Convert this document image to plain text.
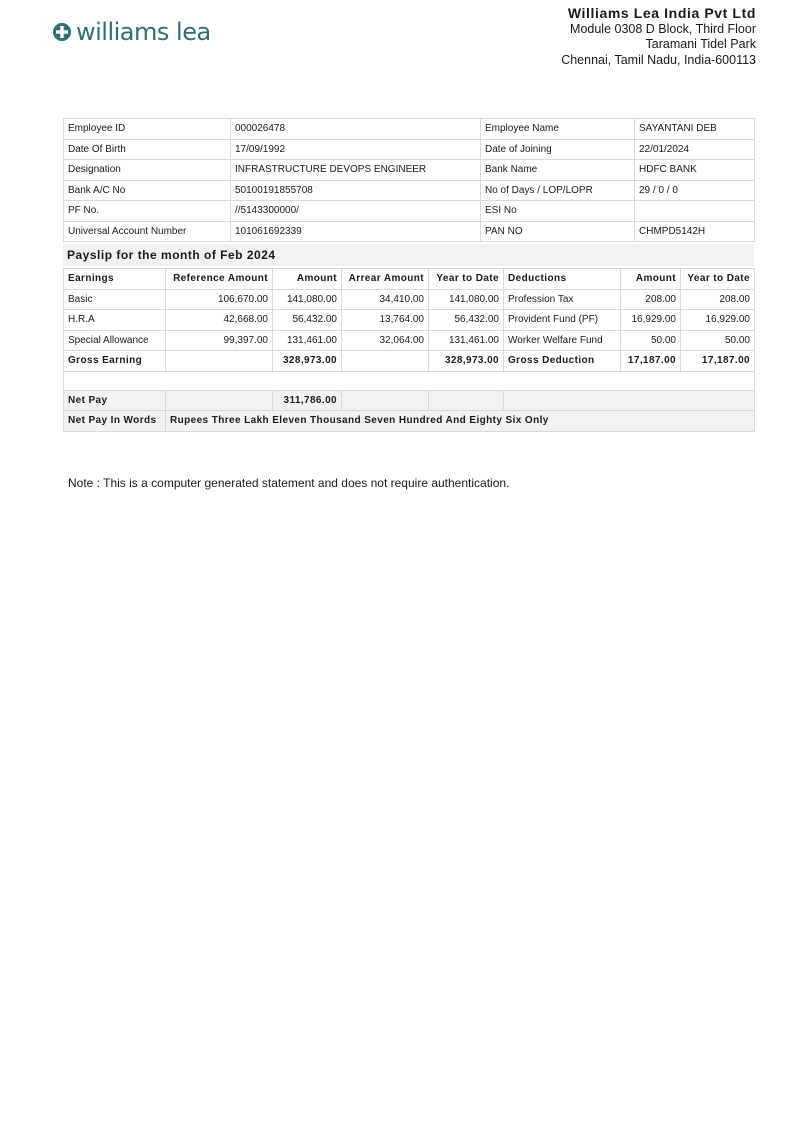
williams lea
Williams Lea India Pvt Ltd
Module 0308 D Block, Third Floor
Taramani Tidel Park
Chennai, Tamil Nadu, India-600113
Employee ID	000026478	Employee Name	SAYANTANI DEB
Date Of Birth	17/09/1992	Date of Joining	22/01/2024
Designation	INFRASTRUCTURE DEVOPS ENGINEER	Bank Name	HDFC BANK
Bank A/C No	50100191855708	No of Days / LOP/LOPR	29 / 0 / 0
PF No.	//5143300000/	ESI No	
Universal Account Number	101061692339	PAN NO	CHMPD5142H
Payslip for the month of Feb 2024
Earnings	Reference Amount	Amount	Arrear Amount	Year to Date	Deductions	Amount	Year to Date
Basic	106,670.00	141,080.00	34,410.00	141,080.00	Profession Tax	208.00	208.00
H.R.A	42,668.00	56,432.00	13,764.00	56,432.00	Provident Fund (PF)	16,929.00	16,929.00
Special Allowance	99,397.00	131,461.00	32,064.00	131,461.00	Worker Welfare Fund	50.00	50.00
Gross Earning		328,973.00		328,973.00	Gross Deduction	17,187.00	17,187.00

Net Pay		311,786.00					
Net Pay In Words	Rupees Three Lakh Eleven Thousand Seven Hundred And Eighty Six Only						
Note : This is a computer generated statement and does not require authentication.
